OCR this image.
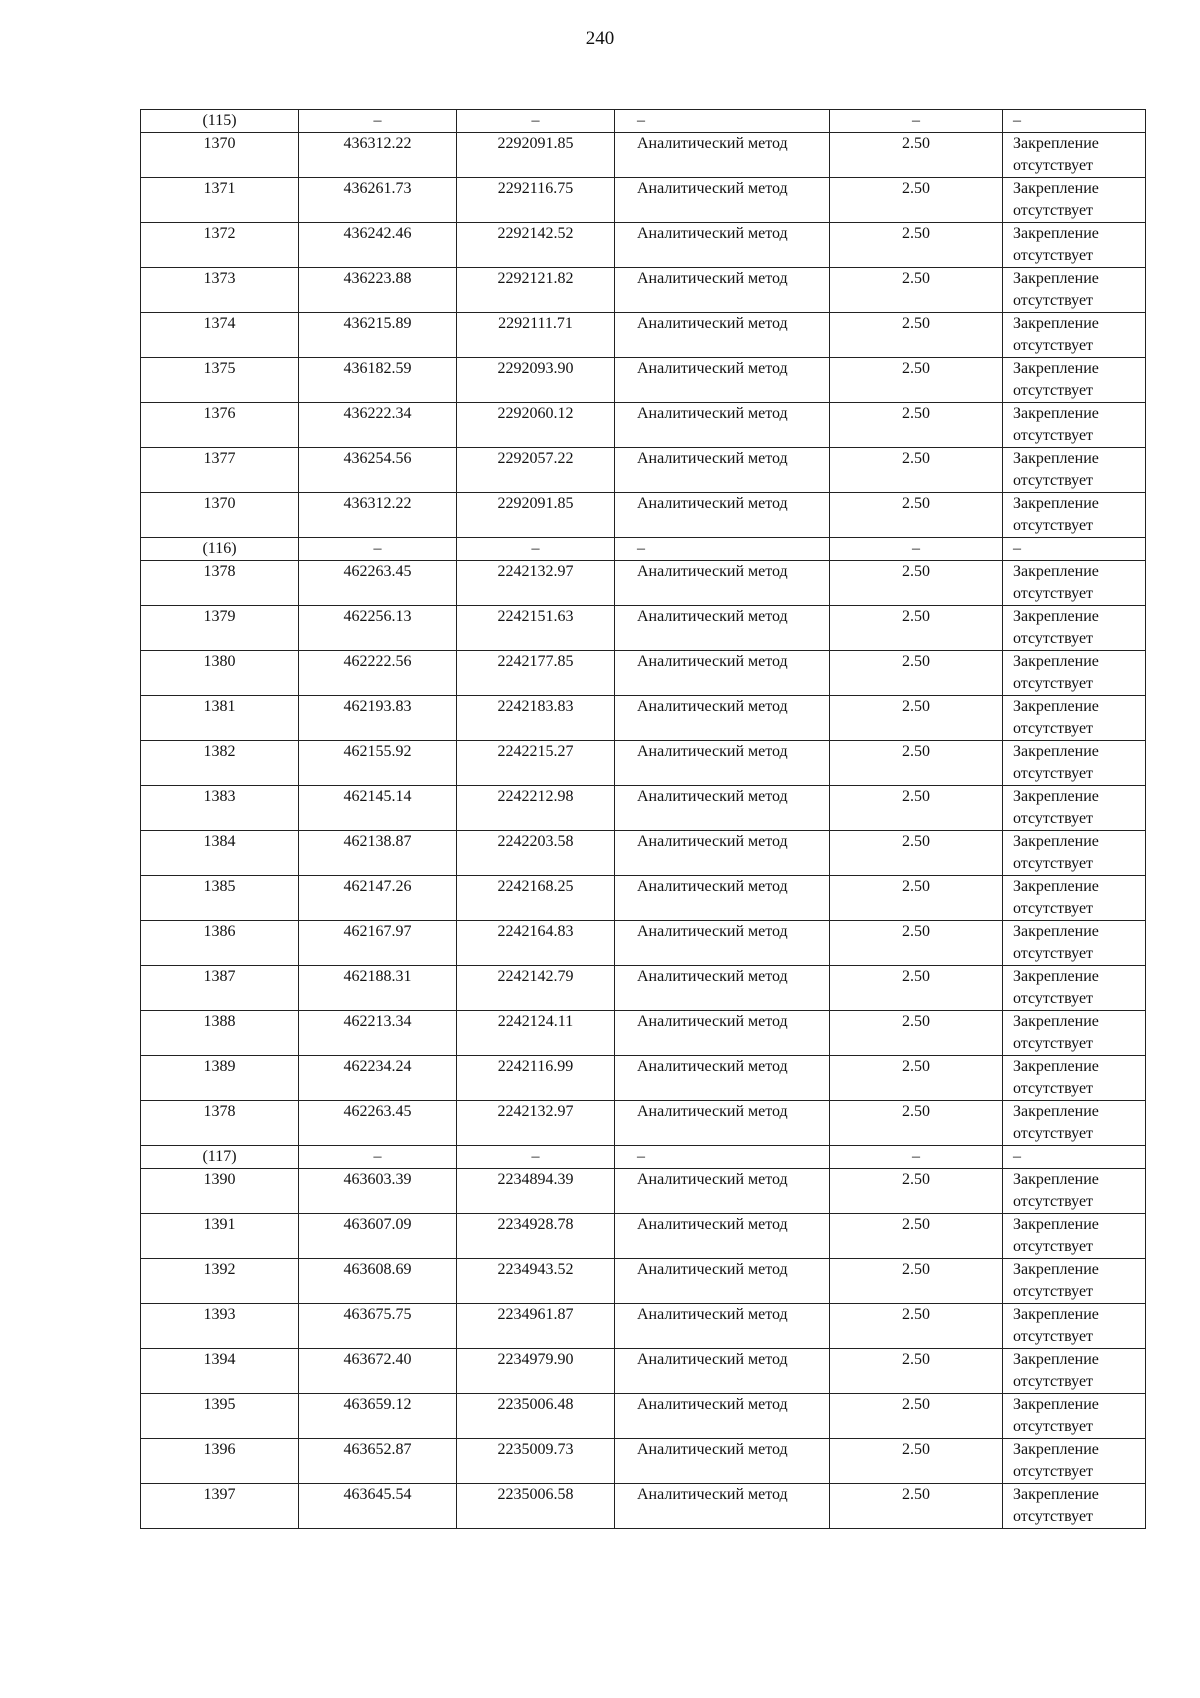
240
(115)	–	–	–	–	–
1370	436312.22	2292091.85	Аналитический метод	2.50	Закрепление отсутствует
1371	436261.73	2292116.75	Аналитический метод	2.50	Закрепление отсутствует
1372	436242.46	2292142.52	Аналитический метод	2.50	Закрепление отсутствует
1373	436223.88	2292121.82	Аналитический метод	2.50	Закрепление отсутствует
1374	436215.89	2292111.71	Аналитический метод	2.50	Закрепление отсутствует
1375	436182.59	2292093.90	Аналитический метод	2.50	Закрепление отсутствует
1376	436222.34	2292060.12	Аналитический метод	2.50	Закрепление отсутствует
1377	436254.56	2292057.22	Аналитический метод	2.50	Закрепление отсутствует
1370	436312.22	2292091.85	Аналитический метод	2.50	Закрепление отсутствует
(116)	–	–	–	–	–
1378	462263.45	2242132.97	Аналитический метод	2.50	Закрепление отсутствует
1379	462256.13	2242151.63	Аналитический метод	2.50	Закрепление отсутствует
1380	462222.56	2242177.85	Аналитический метод	2.50	Закрепление отсутствует
1381	462193.83	2242183.83	Аналитический метод	2.50	Закрепление отсутствует
1382	462155.92	2242215.27	Аналитический метод	2.50	Закрепление отсутствует
1383	462145.14	2242212.98	Аналитический метод	2.50	Закрепление отсутствует
1384	462138.87	2242203.58	Аналитический метод	2.50	Закрепление отсутствует
1385	462147.26	2242168.25	Аналитический метод	2.50	Закрепление отсутствует
1386	462167.97	2242164.83	Аналитический метод	2.50	Закрепление отсутствует
1387	462188.31	2242142.79	Аналитический метод	2.50	Закрепление отсутствует
1388	462213.34	2242124.11	Аналитический метод	2.50	Закрепление отсутствует
1389	462234.24	2242116.99	Аналитический метод	2.50	Закрепление отсутствует
1378	462263.45	2242132.97	Аналитический метод	2.50	Закрепление отсутствует
(117)	–	–	–	–	–
1390	463603.39	2234894.39	Аналитический метод	2.50	Закрепление отсутствует
1391	463607.09	2234928.78	Аналитический метод	2.50	Закрепление отсутствует
1392	463608.69	2234943.52	Аналитический метод	2.50	Закрепление отсутствует
1393	463675.75	2234961.87	Аналитический метод	2.50	Закрепление отсутствует
1394	463672.40	2234979.90	Аналитический метод	2.50	Закрепление отсутствует
1395	463659.12	2235006.48	Аналитический метод	2.50	Закрепление отсутствует
1396	463652.87	2235009.73	Аналитический метод	2.50	Закрепление отсутствует
1397	463645.54	2235006.58	Аналитический метод	2.50	Закрепление отсутствует
